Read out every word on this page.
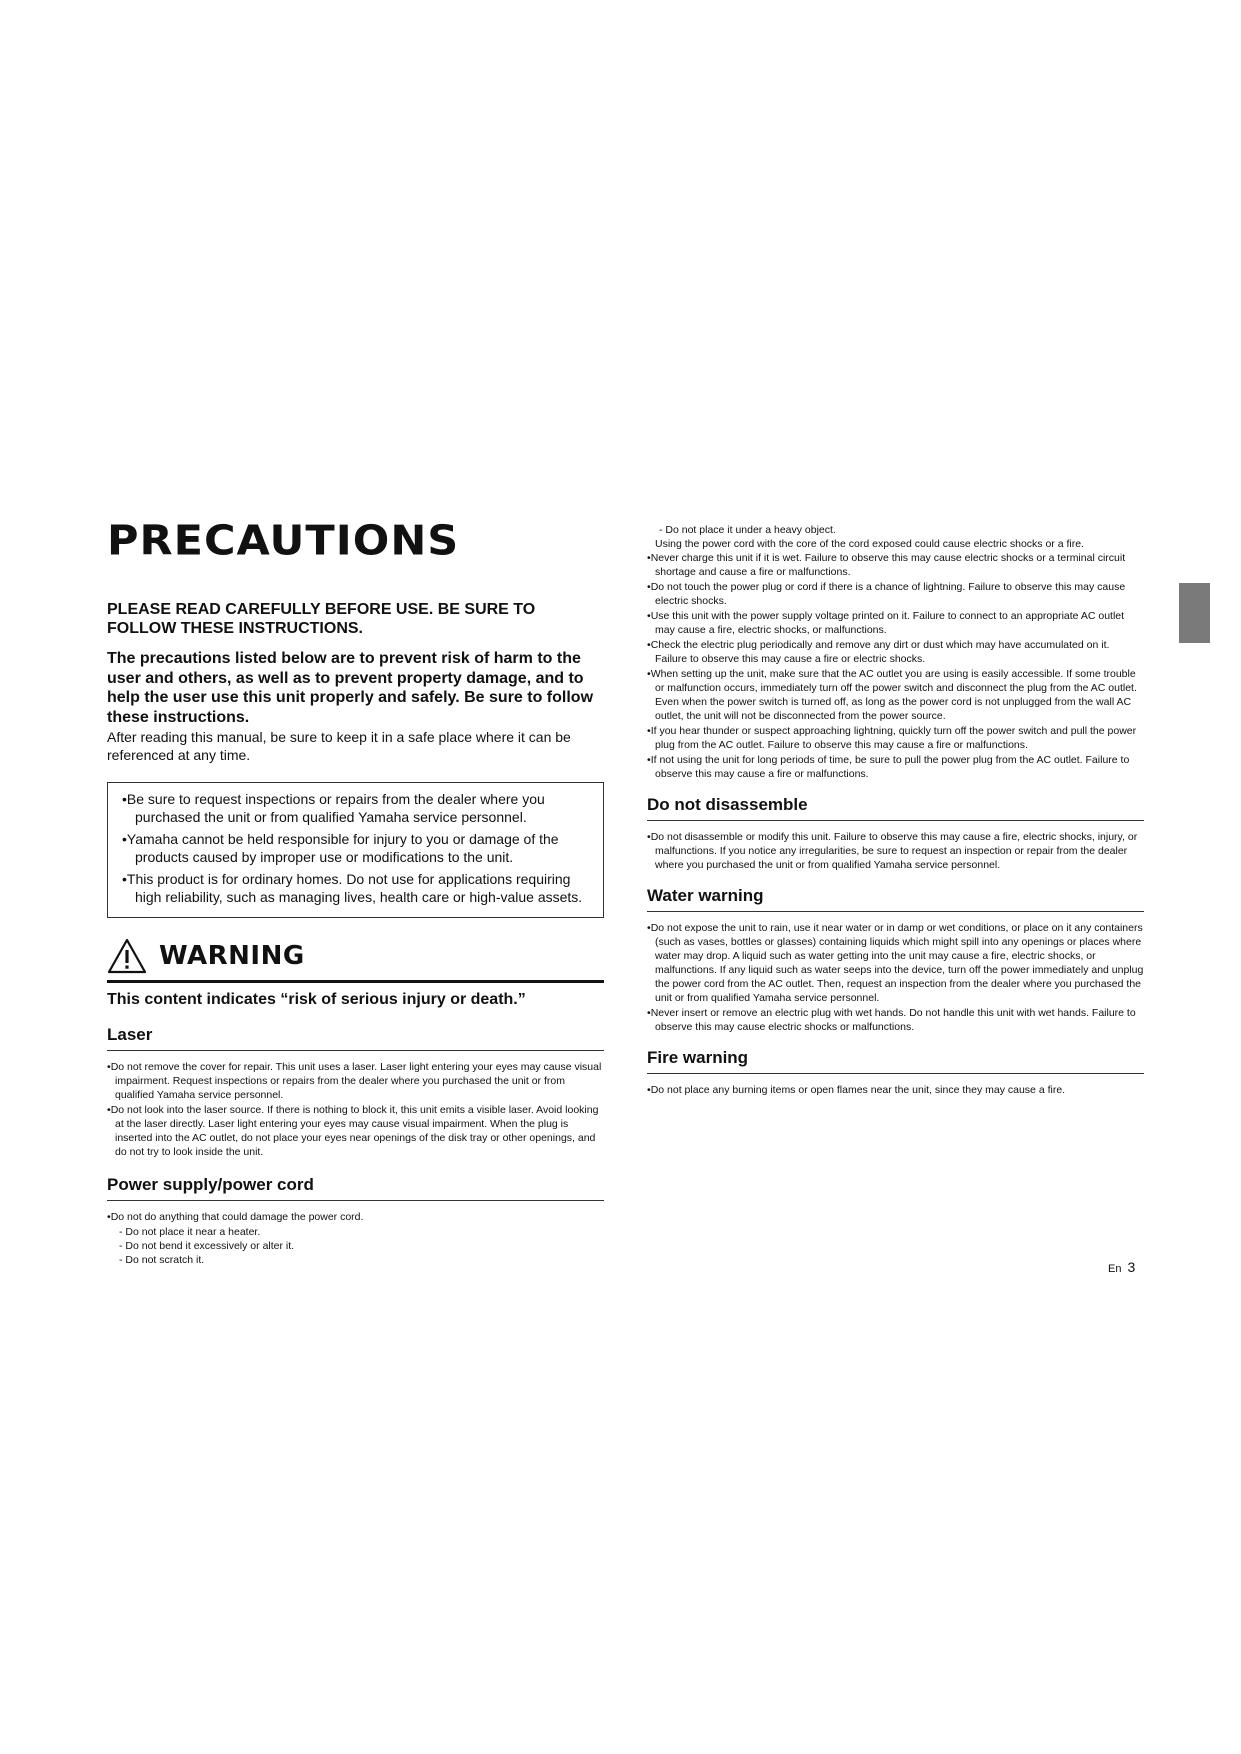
PRECAUTIONS
PLEASE READ CAREFULLY BEFORE USE. BE SURE TO FOLLOW THESE INSTRUCTIONS.
The precautions listed below are to prevent risk of harm to the user and others, as well as to prevent property damage, and to help the user use this unit properly and safely. Be sure to follow these instructions.
After reading this manual, be sure to keep it in a safe place where it can be referenced at any time.
• Be sure to request inspections or repairs from the dealer where you purchased the unit or from qualified Yamaha service personnel.
• Yamaha cannot be held responsible for injury to you or damage of the products caused by improper use or modifications to the unit.
• This product is for ordinary homes. Do not use for applications requiring high reliability, such as managing lives, health care or high-value assets.
WARNING
This content indicates “risk of serious injury or death.”
Laser
• Do not remove the cover for repair. This unit uses a laser. Laser light entering your eyes may cause visual impairment. Request inspections or repairs from the dealer where you purchased the unit or from qualified Yamaha service personnel.
• Do not look into the laser source. If there is nothing to block it, this unit emits a visible laser. Avoid looking at the laser directly. Laser light entering your eyes may cause visual impairment. When the plug is inserted into the AC outlet, do not place your eyes near openings of the disk tray or other openings, and do not try to look inside the unit.
Power supply/power cord
• Do not do anything that could damage the power cord.
- Do not place it near a heater.
- Do not bend it excessively or alter it.
- Do not scratch it.
- Do not place it under a heavy object.
Using the power cord with the core of the cord exposed could cause electric shocks or a fire.
• Never charge this unit if it is wet. Failure to observe this may cause electric shocks or a terminal circuit shortage and cause a fire or malfunctions.
• Do not touch the power plug or cord if there is a chance of lightning. Failure to observe this may cause electric shocks.
• Use this unit with the power supply voltage printed on it. Failure to connect to an appropriate AC outlet may cause a fire, electric shocks, or malfunctions.
• Check the electric plug periodically and remove any dirt or dust which may have accumulated on it. Failure to observe this may cause a fire or electric shocks.
• When setting up the unit, make sure that the AC outlet you are using is easily accessible. If some trouble or malfunction occurs, immediately turn off the power switch and disconnect the plug from the AC outlet. Even when the power switch is turned off, as long as the power cord is not unplugged from the wall AC outlet, the unit will not be disconnected from the power source.
• If you hear thunder or suspect approaching lightning, quickly turn off the power switch and pull the power plug from the AC outlet. Failure to observe this may cause a fire or malfunctions.
• If not using the unit for long periods of time, be sure to pull the power plug from the AC outlet. Failure to observe this may cause a fire or malfunctions.
Do not disassemble
• Do not disassemble or modify this unit. Failure to observe this may cause a fire, electric shocks, injury, or malfunctions. If you notice any irregularities, be sure to request an inspection or repair from the dealer where you purchased the unit or from qualified Yamaha service personnel.
Water warning
• Do not expose the unit to rain, use it near water or in damp or wet conditions, or place on it any containers (such as vases, bottles or glasses) containing liquids which might spill into any openings or places where water may drop. A liquid such as water getting into the unit may cause a fire, electric shocks, or malfunctions. If any liquid such as water seeps into the device, turn off the power immediately and unplug the power cord from the AC outlet. Then, request an inspection from the dealer where you purchased the unit or from qualified Yamaha service personnel.
• Never insert or remove an electric plug with wet hands. Do not handle this unit with wet hands. Failure to observe this may cause electric shocks or malfunctions.
Fire warning
• Do not place any burning items or open flames near the unit, since they may cause a fire.
En 3
